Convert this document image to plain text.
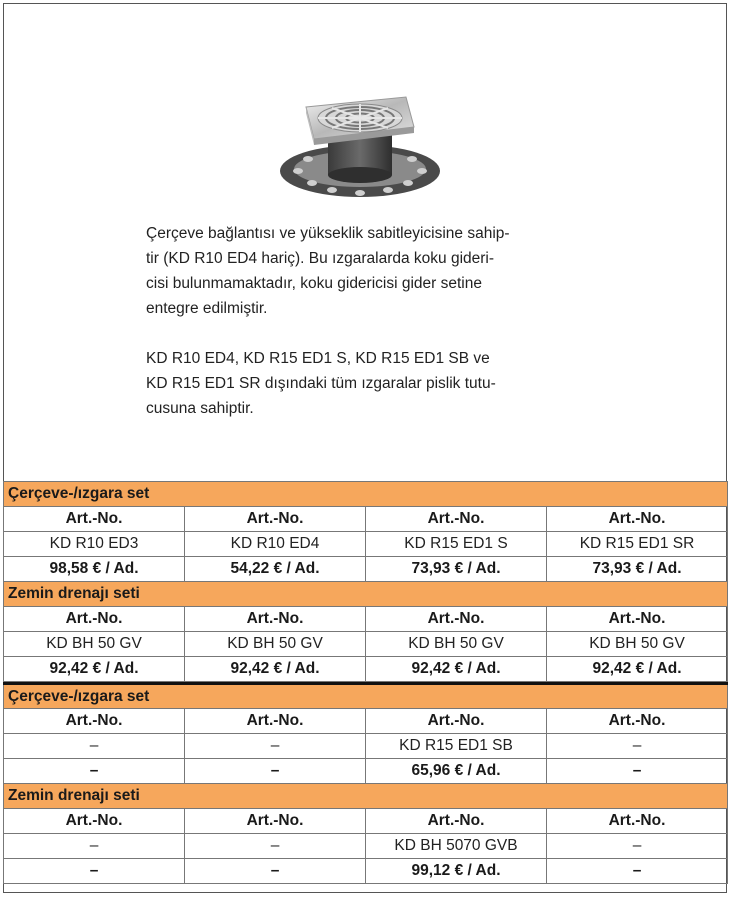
Çerçeve bağlantısı ve yükseklik sabitleyicisine sahip-
tir (KD R10 ED4 hariç). Bu ızgaralarda koku gideri-
cisi bulunmamaktadır, koku gidericisi gider setine
entegre edilmiştir.

KD R10 ED4, KD R15 ED1 S, KD R15 ED1 SB ve
KD R15 ED1 SR dışındaki tüm ızgaralar pislik tutu-
cusuna sahiptir.

Çerçeve-/ızgara set			
Art.-No.	Art.-No.	Art.-No.	Art.-No.
KD R10 ED3	KD R10 ED4	KD R15 ED1 S	KD R15 ED1 SR
98,58 € / Ad.	54,22 € / Ad.	73,93 € / Ad.	73,93 € / Ad.
Zemin drenajı seti			
Art.-No.	Art.-No.	Art.-No.	Art.-No.
KD BH 50 GV	KD BH 50 GV	KD BH 50 GV	KD BH 50 GV
92,42 € / Ad.	92,42 € / Ad.	92,42 € / Ad.	92,42 € / Ad.
Çerçeve-/ızgara set			
Art.-No.	Art.-No.	Art.-No.	Art.-No.
–	–	KD R15 ED1 SB	–
–	–	65,96 € / Ad.	–
Zemin drenajı seti			
Art.-No.	Art.-No.	Art.-No.	Art.-No.
–	–	KD BH 5070 GVB	–
–	–	99,12 € / Ad.	–
